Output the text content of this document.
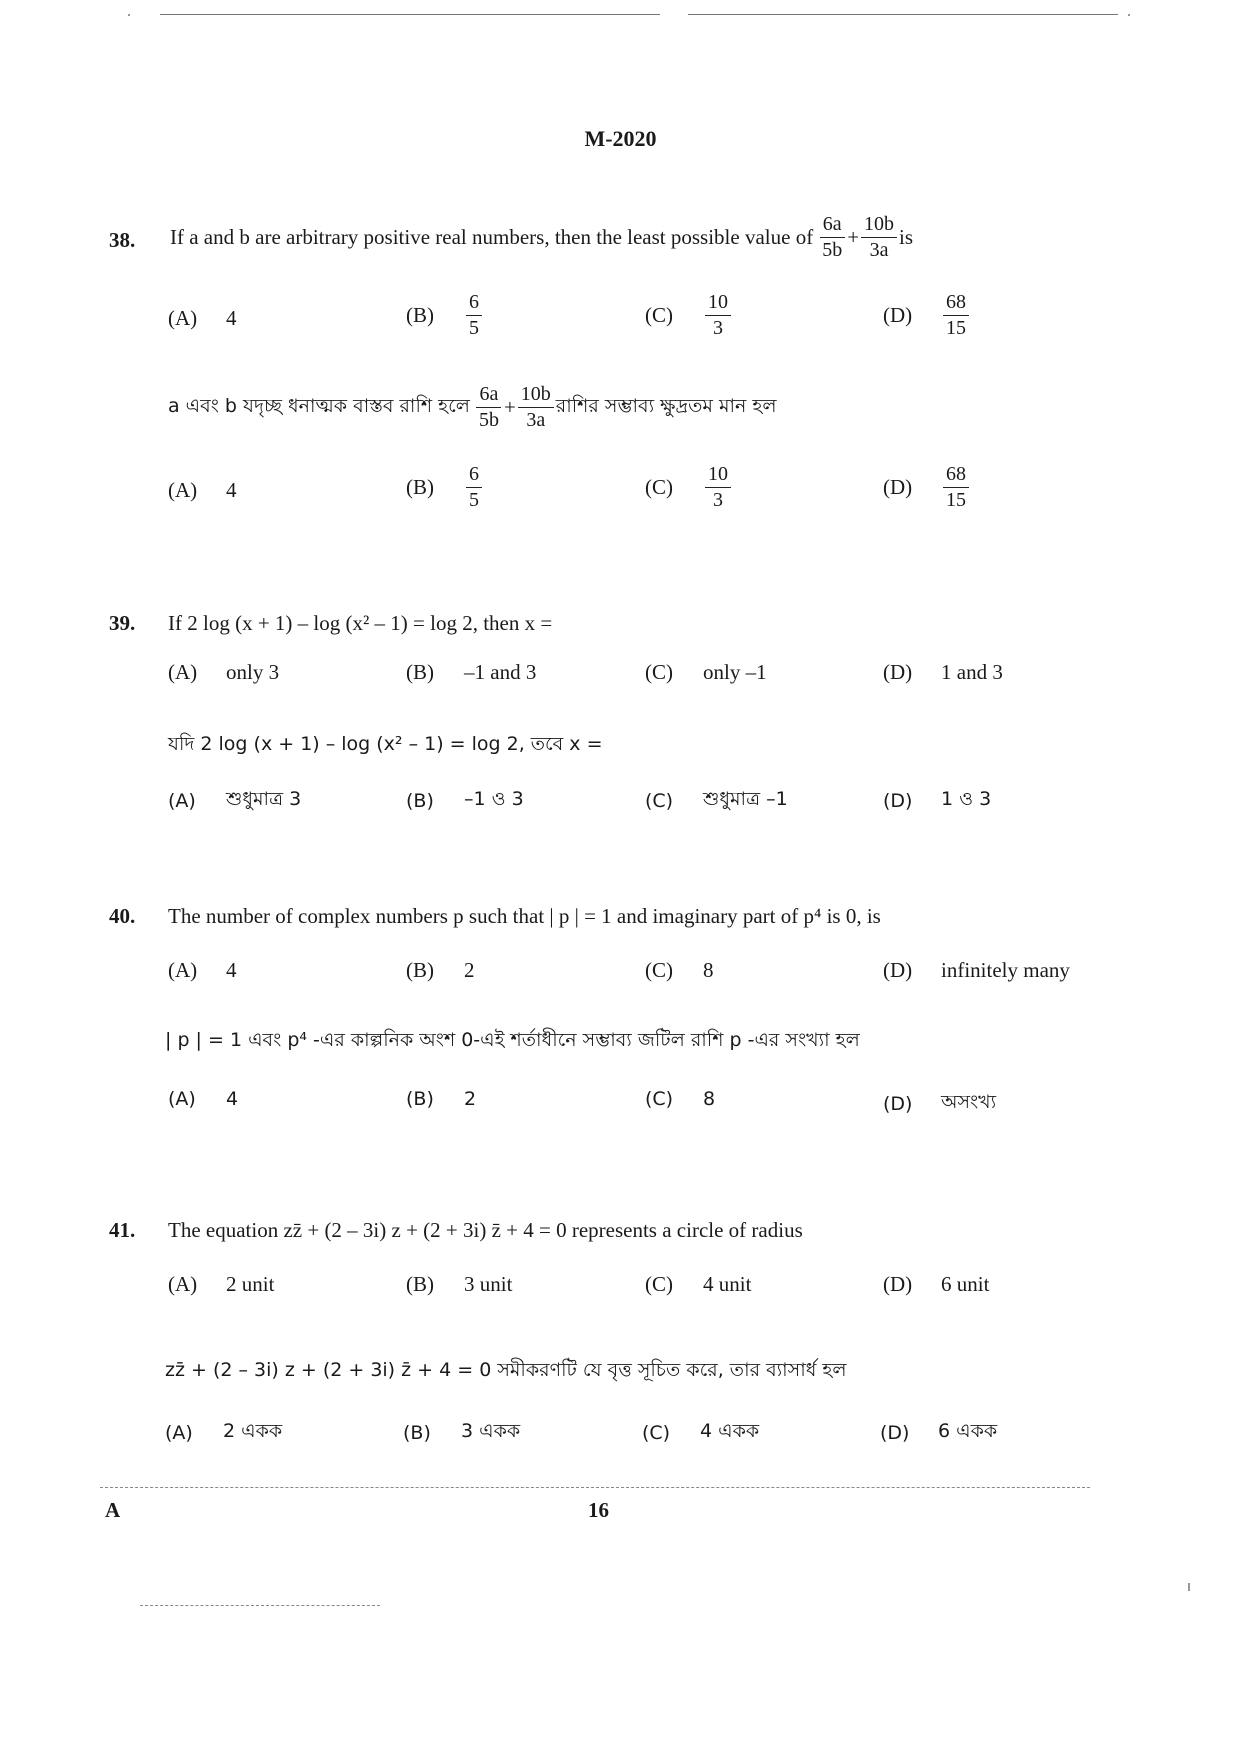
M-2020
38. If a and b are arbitrary positive real numbers, then the least possible value of $\frac{6a}{5b} + \frac{10b}{3a}$ is
(A)	4	(B)	$\frac{6}{5}$	(C)	$\frac{10}{3}$	(D)	$\frac{68}{15}$
a এবং b যদৃচ্ছ ধনাত্মক বাস্তব রাশি হলে $\frac{6a}{5b} + \frac{10b}{3a}$ রাশির সম্ভাব্য ক্ষুদ্রতম মান হল
(A)	4	(B)	$\frac{6}{5}$	(C)	$\frac{10}{3}$	(D)	$\frac{68}{15}$
39. If 2 log (x + 1) – log (x² – 1) = log 2, then x =
(A)	only 3	(B)	–1 and 3	(C)	only –1	(D)	1 and 3
যদি 2 log (x + 1) – log (x² – 1) = log 2, তবে x =
(A)	শুধুমাত্র 3	(B)	–1 ও 3	(C)	শুধুমাত্র –1	(D)	1 ও 3
40. The number of complex numbers p such that | p | = 1 and imaginary part of p⁴ is 0, is
(A)	4	(B)	2	(C)	8	(D)	infinitely many
| p | = 1 এবং p⁴ -এর কাল্পনিক অংশ 0-এই শর্তাধীনে সম্ভাব্য জটিল রাশি p -এর সংখ্যা হল
(A)	4	(B)	2	(C)	8	(D)	অসংখ্য
41. The equation zz̄ + (2 – 3i) z + (2 + 3i) z̄ + 4 = 0 represents a circle of radius
(A)	2 unit	(B)	3 unit	(C)	4 unit	(D)	6 unit
zz̄ + (2 – 3i) z + (2 + 3i) z̄ + 4 = 0 সমীকরণটি যে বৃত্ত সূচিত করে, তার ব্যাসার্ধ হল
(A)	2 একক	(B)	3 একক	(C)	4 একক	(D)	6 একক
A	16
